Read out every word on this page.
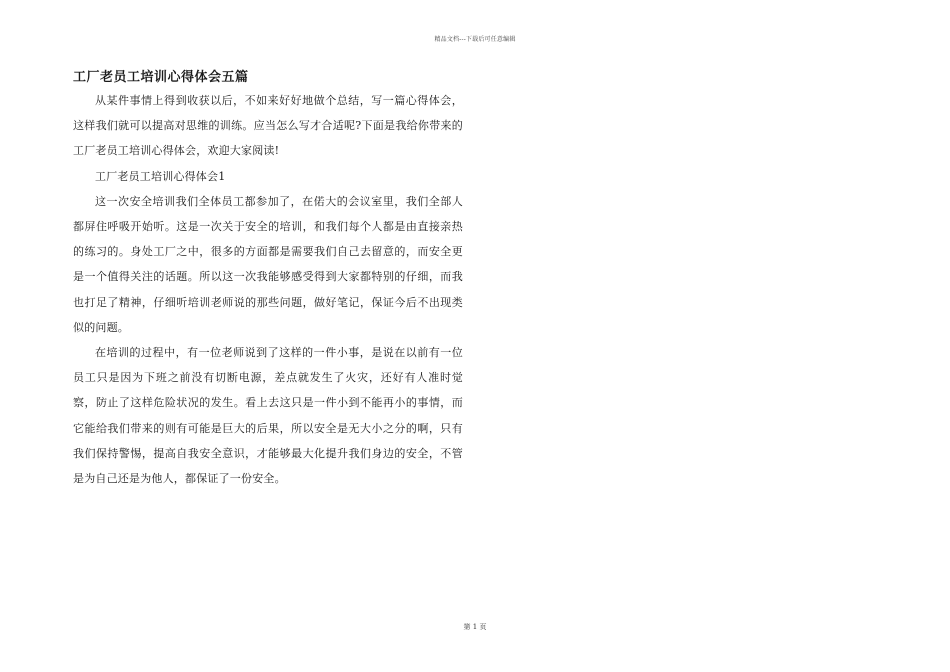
精品文档---下载后可任意编辑
工厂老员工培训心得体会五篇

从某件事情上得到收获以后，不如来好好地做个总结，写一篇心得体会，这样我们就可以提高对思维的训练。应当怎么写才合适呢?下面是我给你带来的工厂老员工培训心得体会，欢迎大家阅读!

工厂老员工培训心得体会1

这一次安全培训我们全体员工都参加了，在偌大的会议室里，我们全部人都屏住呼吸开始听。这是一次关于安全的培训，和我们每个人都是由直接亲热的练习的。身处工厂之中，很多的方面都是需要我们自己去留意的，而安全更是一个值得关注的话题。所以这一次我能够感受得到大家都特别的仔细，而我也打足了精神，仔细听培训老师说的那些问题，做好笔记，保证今后不出现类似的问题。

在培训的过程中，有一位老师说到了这样的一件小事，是说在以前有一位员工只是因为下班之前没有切断电源，差点就发生了火灾，还好有人准时觉察，防止了这样危险状况的发生。看上去这只是一件小到不能再小的事情，而它能给我们带来的则有可能是巨大的后果，所以安全是无大小之分的啊，只有我们保持警惕，提高自我安全意识，才能够最大化提升我们身边的安全，不管是为自己还是为他人，都保证了一份安全。

第 1 页
